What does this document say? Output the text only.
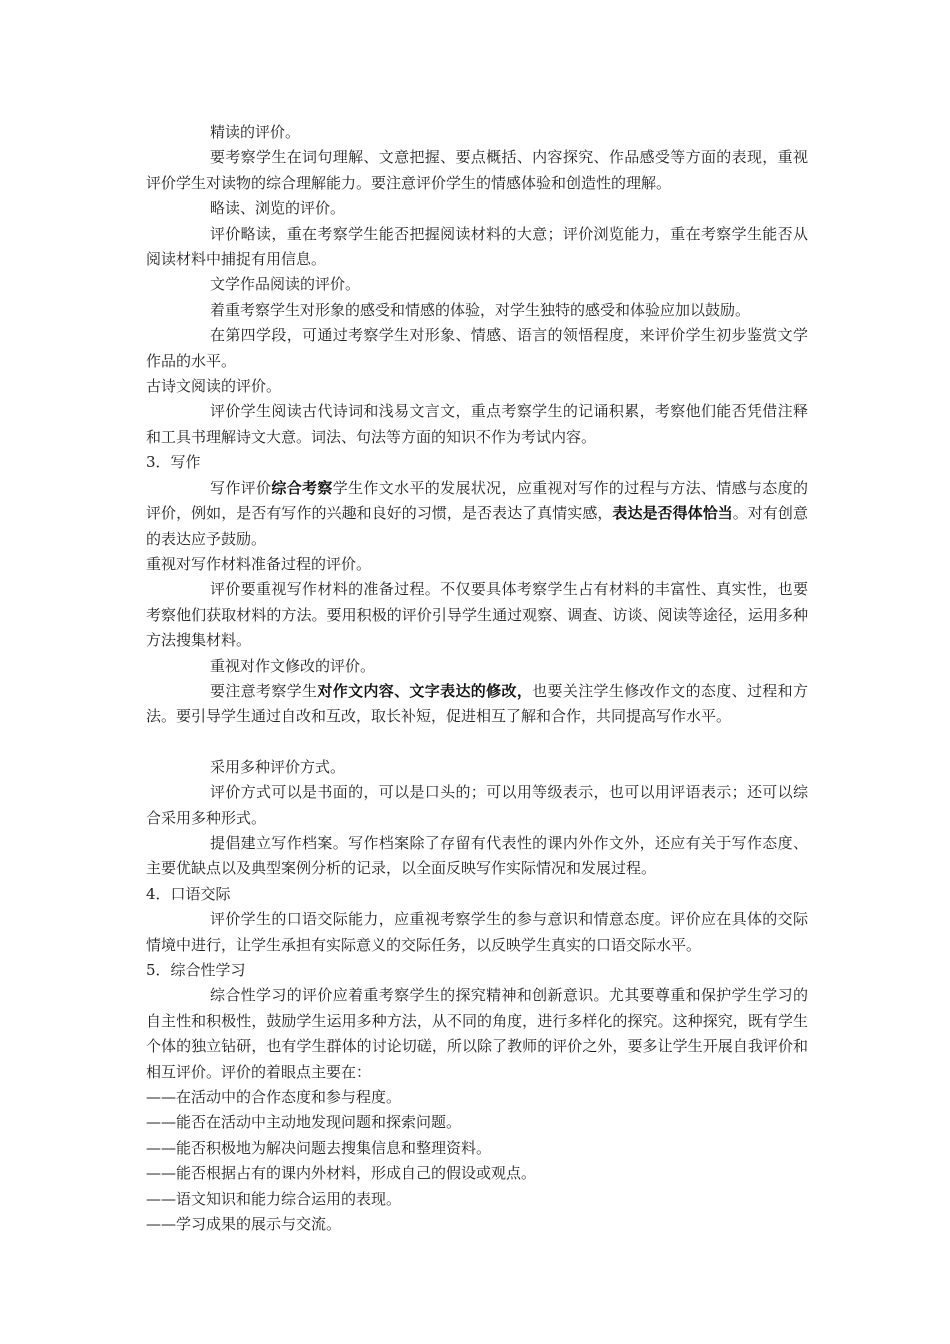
精读的评价。

要考察学生在词句理解、文意把握、要点概括、内容探究、作品感受等方面的表现，重视评价学生对读物的综合理解能力。要注意评价学生的情感体验和创造性的理解。

略读、浏览的评价。

评价略读，重在考察学生能否把握阅读材料的大意；评价浏览能力，重在考察学生能否从阅读材料中捕捉有用信息。

文学作品阅读的评价。

着重考察学生对形象的感受和情感的体验，对学生独特的感受和体验应加以鼓励。

在第四学段，可通过考察学生对形象、情感、语言的领悟程度，来评价学生初步鉴赏文学作品的水平。

古诗文阅读的评价。

评价学生阅读古代诗词和浅易文言文，重点考察学生的记诵积累，考察他们能否凭借注释和工具书理解诗文大意。词法、句法等方面的知识不作为考试内容。

3．写作

写作评价综合考察学生作文水平的发展状况，应重视对写作的过程与方法、情感与态度的评价，例如，是否有写作的兴趣和良好的习惯，是否表达了真情实感，表达是否得体恰当。对有创意的表达应予鼓励。

重视对写作材料准备过程的评价。

评价要重视写作材料的准备过程。不仅要具体考察学生占有材料的丰富性、真实性，也要考察他们获取材料的方法。要用积极的评价引导学生通过观察、调查、访谈、阅读等途径，运用多种方法搜集材料。

重视对作文修改的评价。

要注意考察学生对作文内容、文字表达的修改，也要关注学生修改作文的态度、过程和方法。要引导学生通过自改和互改，取长补短，促进相互了解和合作，共同提高写作水平。

采用多种评价方式。

评价方式可以是书面的，可以是口头的；可以用等级表示，也可以用评语表示；还可以综合采用多种形式。

提倡建立写作档案。写作档案除了存留有代表性的课内外作文外，还应有关于写作态度、主要优缺点以及典型案例分析的记录，以全面反映写作实际情况和发展过程。

4．口语交际

评价学生的口语交际能力，应重视考察学生的参与意识和情意态度。评价应在具体的交际情境中进行，让学生承担有实际意义的交际任务，以反映学生真实的口语交际水平。

5．综合性学习

综合性学习的评价应着重考察学生的探究精神和创新意识。尤其要尊重和保护学生学习的自主性和积极性，鼓励学生运用多种方法，从不同的角度，进行多样化的探究。这种探究，既有学生个体的独立钻研，也有学生群体的讨论切磋，所以除了教师的评价之外，要多让学生开展自我评价和相互评价。评价的着眼点主要在：

——在活动中的合作态度和参与程度。

——能否在活动中主动地发现问题和探索问题。

——能否积极地为解决问题去搜集信息和整理资料。

——能否根据占有的课内外材料，形成自己的假设或观点。

——语文知识和能力综合运用的表现。

——学习成果的展示与交流。
